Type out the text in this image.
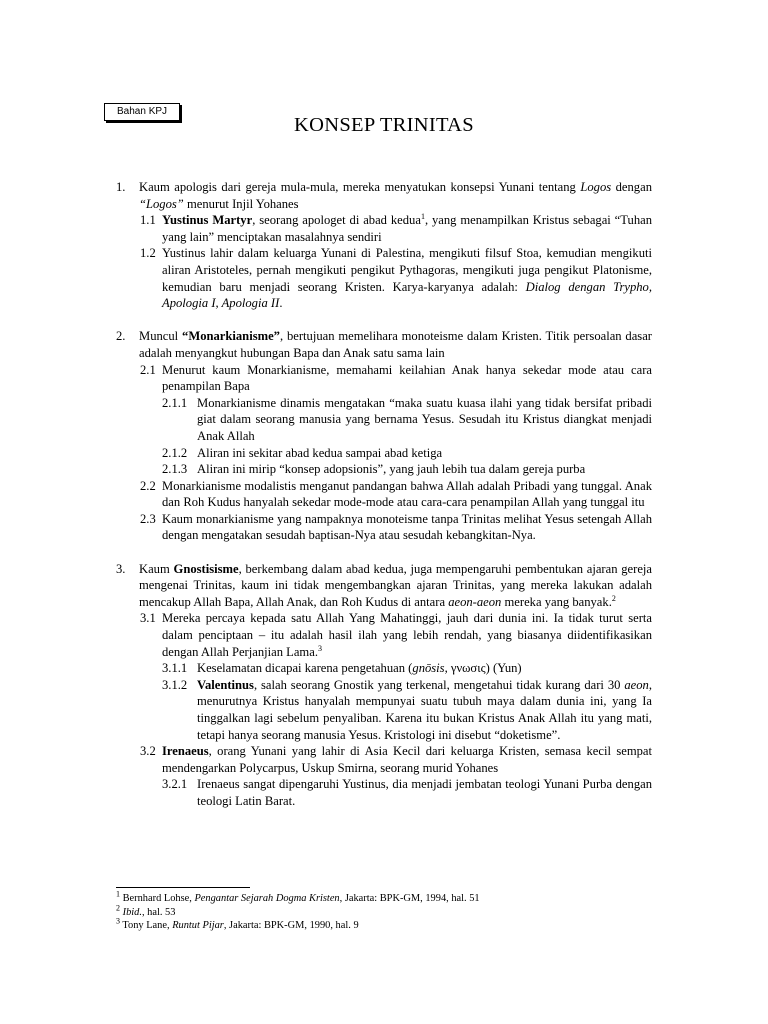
Bahan KPJ
KONSEP TRINITAS
1. Kaum apologis dari gereja mula-mula, mereka menyatukan konsepsi Yunani tentang Logos dengan “Logos” menurut Injil Yohanes
1.1 Yustinus Martyr, seorang apologet di abad kedua$^1$, yang menampilkan Kristus sebagai “Tuhan yang lain” menciptakan masalahnya sendiri
1.2 Yustinus lahir dalam keluarga Yunani di Palestina, mengikuti filsuf Stoa, kemudian mengikuti aliran Aristoteles, pernah mengikuti pengikut Pythagoras, mengikuti juga pengikut Platonisme, kemudian baru menjadi seorang Kristen. Karya-karyanya adalah: Dialog dengan Trypho, Apologia I, Apologia II.
2. Muncul “Monarkianisme”, bertujuan memelihara monoteisme dalam Kristen. Titik persoalan dasar adalah menyangkut hubungan Bapa dan Anak satu sama lain
2.1 Menurut kaum Monarkianisme, memahami keilahian Anak hanya sekedar mode atau cara penampilan Bapa
2.1.1 Monarkianisme dinamis mengatakan “maka suatu kuasa ilahi yang tidak bersifat pribadi giat dalam seorang manusia yang bernama Yesus. Sesudah itu Kristus diangkat menjadi Anak Allah
2.1.2 Aliran ini sekitar abad kedua sampai abad ketiga
2.1.3 Aliran ini mirip “konsep adopsionis”, yang jauh lebih tua dalam gereja purba
2.2 Monarkianisme modalistis menganut pandangan bahwa Allah adalah Pribadi yang tunggal. Anak dan Roh Kudus hanyalah sekedar mode-mode atau cara-cara penampilan Allah yang tunggal itu
2.3 Kaum monarkianisme yang nampaknya monoteisme tanpa Trinitas melihat Yesus setengah Allah dengan mengatakan sesudah baptisan-Nya atau sesudah kebangkitan-Nya.
3. Kaum Gnostisisme, berkembang dalam abad kedua, juga mempengaruhi pembentukan ajaran gereja mengenai Trinitas, kaum ini tidak mengembangkan ajaran Trinitas, yang mereka lakukan adalah mencakup Allah Bapa, Allah Anak, dan Roh Kudus di antara aeon-aeon mereka yang banyak.$^2$
3.1 Mereka percaya kepada satu Allah Yang Mahatinggi, jauh dari dunia ini. Ia tidak turut serta dalam penciptaan – itu adalah hasil ilah yang lebih rendah, yang biasanya diidentifikasikan dengan Allah Perjanjian Lama.$^3$
3.1.1 Keselamatan dicapai karena pengetahuan (gnōsis, γνωσις) (Yun)
3.1.2 Valentinus, salah seorang Gnostik yang terkenal, mengetahui tidak kurang dari 30 aeon, menurutnya Kristus hanyalah mempunyai suatu tubuh maya dalam dunia ini, yang Ia tinggalkan lagi sebelum penyaliban. Karena itu bukan Kristus Anak Allah itu yang mati, tetapi hanya seorang manusia Yesus. Kristologi ini disebut “doketisme”.
3.2 Irenaeus, orang Yunani yang lahir di Asia Kecil dari keluarga Kristen, semasa kecil sempat mendengarkan Polycarpus, Uskup Smirna, seorang murid Yohanes
3.2.1 Irenaeus sangat dipengaruhi Yustinus, dia menjadi jembatan teologi Yunani Purba dengan teologi Latin Barat.
$^1$ Bernhard Lohse, Pengantar Sejarah Dogma Kristen, Jakarta: BPK-GM, 1994, hal. 51
$^2$ Ibid., hal. 53
$^3$ Tony Lane, Runtut Pijar, Jakarta: BPK-GM, 1990, hal. 9
